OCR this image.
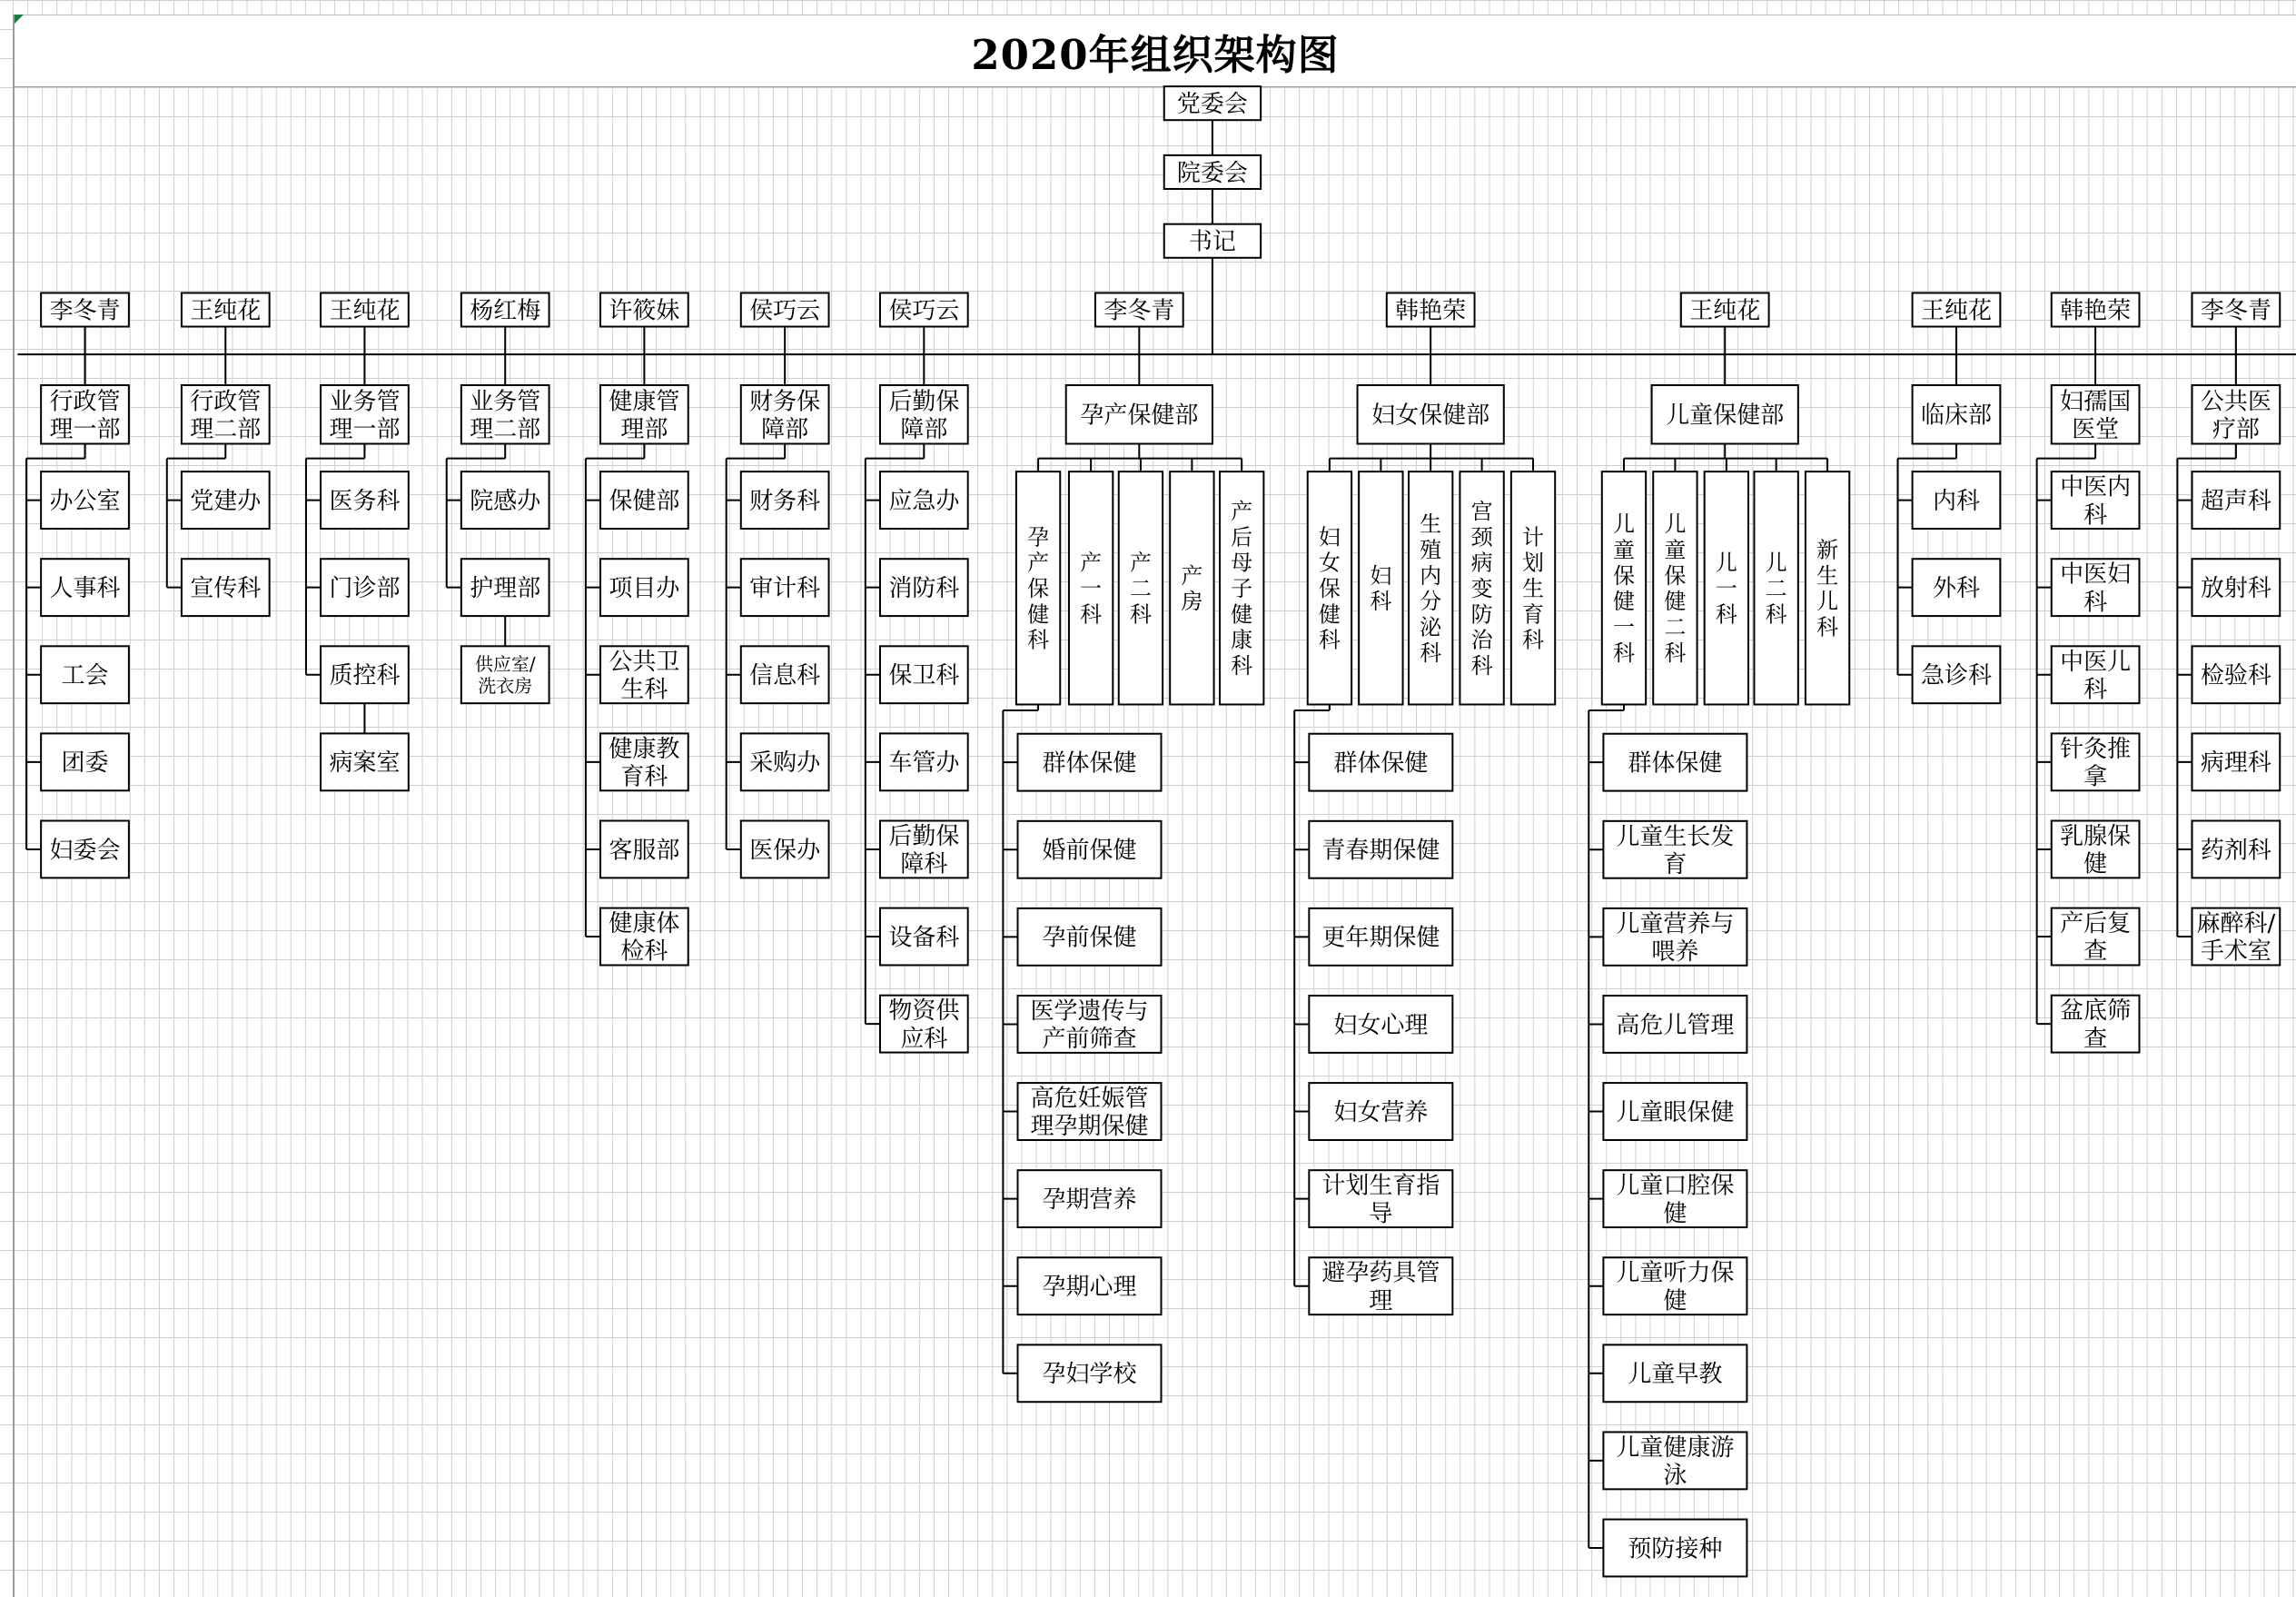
2020年组织架构图
党委会
院委会
书记
李冬青
行政管理一部
办公室
人事科
工会
团委
妇委会
王纯花
行政管理二部
党建办
宣传科
王纯花
业务管理一部
医务科
门诊部
质控科
病案室
杨红梅
业务管理二部
院感办
护理部
供应室/洗衣房
许筱妹
健康管理部
保健部
项目办
公共卫生科
健康教育科
客服部
健康体检科
侯巧云
财务保障部
财务科
审计科
信息科
采购办
医保办
侯巧云
后勤保障部
应急办
消防科
保卫科
车管办
后勤保障科
设备科
物资供应科
李冬青
孕产保健部
孕产保健科
产一科
产二科
产房
产后母子健康科
群体保健
婚前保健
孕前保健
医学遗传与产前筛查
高危妊娠管理孕期保健
孕期营养
孕期心理
孕妇学校
韩艳荣
妇女保健部
妇女保健科
妇科
生殖内分泌科
宫颈病变防治科
计划生育科
群体保健
青春期保健
更年期保健
妇女心理
妇女营养
计划生育指导
避孕药具管理
王纯花
儿童保健部
儿童保健一科
儿童保健二科
儿一科
儿二科
新生儿科
群体保健
儿童生长发育
儿童营养与喂养
高危儿管理
儿童眼保健
儿童口腔保健
儿童听力保健
儿童早教
儿童健康游泳
预防接种
王纯花
临床部
内科
外科
急诊科
韩艳荣
妇孺国医堂
中医内科
中医妇科
中医儿科
针灸推拿
乳腺保健
产后复查
盆底筛查
李冬青
公共医疗部
超声科
放射科
检验科
病理科
药剂科
麻醉科/手术室
